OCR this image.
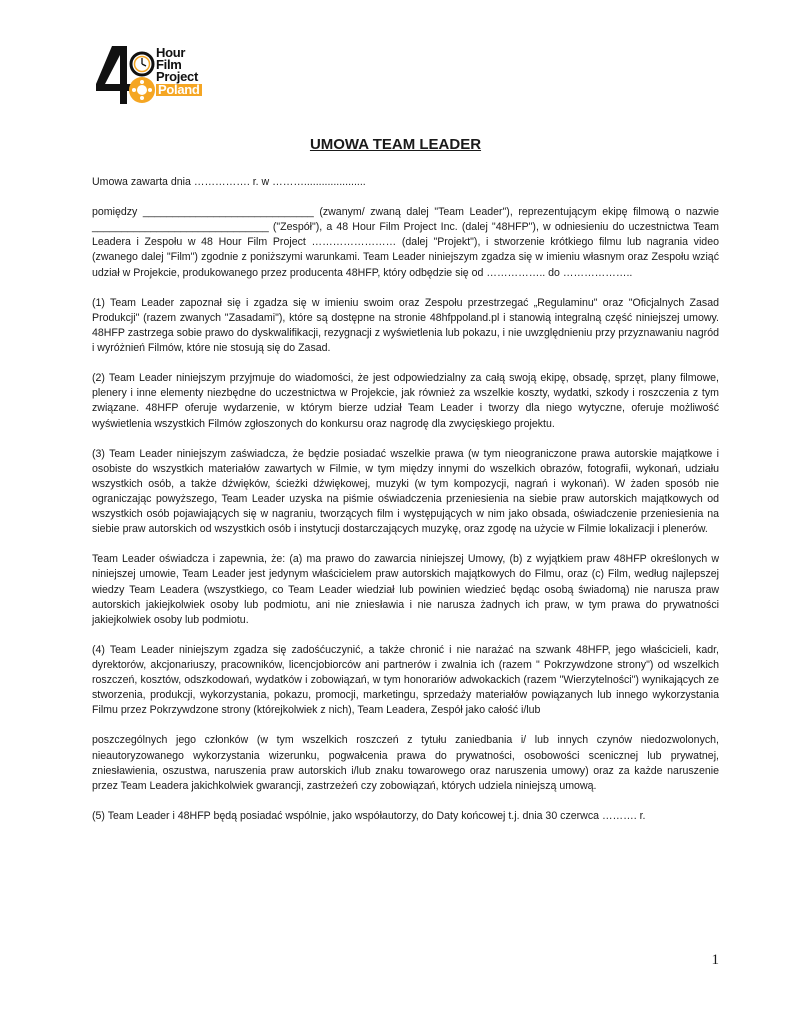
Hour
Film
Project
Poland
UMOWA TEAM LEADER

Umowa zawarta dnia ……………. r. w ……….....................

pomiędzy _____________________________ (zwanym/ zwaną dalej "Team Leader"), reprezentującym ekipę filmową o nazwie ______________________________ ("Zespół"), a 48 Hour Film Project Inc. (dalej "48HFP"), w odniesieniu do uczestnictwa Team Leadera i Zespołu w 48 Hour Film Project …………………… (dalej "Projekt"), i stworzenie krótkiego filmu lub nagrania video (zwanego dalej "Film") zgodnie z poniższymi warunkami. Team Leader niniejszym zgadza się w imieniu własnym oraz Zespołu wziąć udział w Projekcie, produkowanego przez producenta 48HFP, który odbędzie się od …………….. do ………………..

(1) Team Leader zapoznał się i zgadza się w imieniu swoim oraz Zespołu przestrzegać „Regulaminu" oraz "Oficjalnych Zasad Produkcji" (razem zwanych "Zasadami"), które są dostępne na stronie 48hfppoland.pl i stanowią integralną część niniejszej umowy. 48HFP zastrzega sobie prawo do dyskwalifikacji, rezygnacji z wyświetlenia lub pokazu, i nie uwzględnieniu przy przyznawaniu nagród i wyróżnień Filmów, które nie stosują się do Zasad.

(2) Team Leader niniejszym przyjmuje do wiadomości, że jest odpowiedzialny za całą swoją ekipę, obsadę, sprzęt, plany filmowe, plenery i inne elementy niezbędne do uczestnictwa w Projekcie, jak również za wszelkie koszty, wydatki, szkody i roszczenia z tym związane. 48HFP oferuje wydarzenie, w którym bierze udział Team Leader i tworzy dla niego wytyczne, oferuje możliwość wyświetlenia wszystkich Filmów zgłoszonych do konkursu oraz nagrodę dla zwycięskiego projektu.

(3) Team Leader niniejszym zaświadcza, że będzie posiadać wszelkie prawa (w tym nieograniczone prawa autorskie majątkowe i osobiste do wszystkich materiałów zawartych w Filmie, w tym między innymi do wszelkich obrazów, fotografii, wykonań, udziału wszystkich osób, a także dźwięków, ścieżki dźwiękowej, muzyki (w tym kompozycji, nagrań i wykonań). W żaden sposób nie ograniczając powyższego, Team Leader uzyska na piśmie oświadczenia przeniesienia na siebie praw autorskich majątkowych od wszystkich osób pojawiających się w nagraniu, tworzących film i występujących w nim jako obsada, oświadczenie przeniesienia na siebie praw autorskich od wszystkich osób i instytucji dostarczających muzykę, oraz zgodę na użycie w Filmie lokalizacji i plenerów.

Team Leader oświadcza i zapewnia, że: (a) ma prawo do zawarcia niniejszej Umowy, (b) z wyjątkiem praw 48HFP określonych w niniejszej umowie, Team Leader jest jedynym właścicielem praw autorskich majątkowych do Filmu, oraz (c) Film, według najlepszej wiedzy Team Leadera (wszystkiego, co Team Leader wiedział lub powinien wiedzieć będąc osobą świadomą) nie narusza praw autorskich jakiejkolwiek osoby lub podmiotu, ani nie zniesławia i nie narusza żadnych ich praw, w tym prawa do prywatności jakiejkolwiek osoby lub podmiotu.

(4) Team Leader niniejszym zgadza się zadośćuczynić, a także chronić i nie narażać na szwank 48HFP, jego właścicieli, kadr, dyrektorów, akcjonariuszy, pracowników, licencjobiorców ani partnerów i zwalnia ich (razem " Pokrzywdzone strony") od wszelkich roszczeń, kosztów, odszkodowań, wydatków i zobowiązań, w tym honorariów adwokackich (razem "Wierzytelności") wynikających ze stworzenia, produkcji, wykorzystania, pokazu, promocji, marketingu, sprzedaży materiałów powiązanych lub innego wykorzystania Filmu przez Pokrzywdzone strony (którejkolwiek z nich), Team Leadera, Zespół jako całość i/lub

poszczególnych jego członków (w tym wszelkich roszczeń z tytułu zaniedbania i/ lub innych czynów niedozwolonych, nieautoryzowanego wykorzystania wizerunku, pogwałcenia prawa do prywatności, osobowości scenicznej lub prywatnej, zniesławienia, oszustwa, naruszenia praw autorskich i/lub znaku towarowego oraz naruszenia umowy) oraz za każde naruszenie przez Team Leadera jakichkolwiek gwarancji, zastrzeżeń czy zobowiązań, których udziela niniejszą umową.

(5) Team Leader i 48HFP będą posiadać wspólnie, jako współautorzy, do Daty końcowej t.j. dnia 30 czerwca ………. r.

1
